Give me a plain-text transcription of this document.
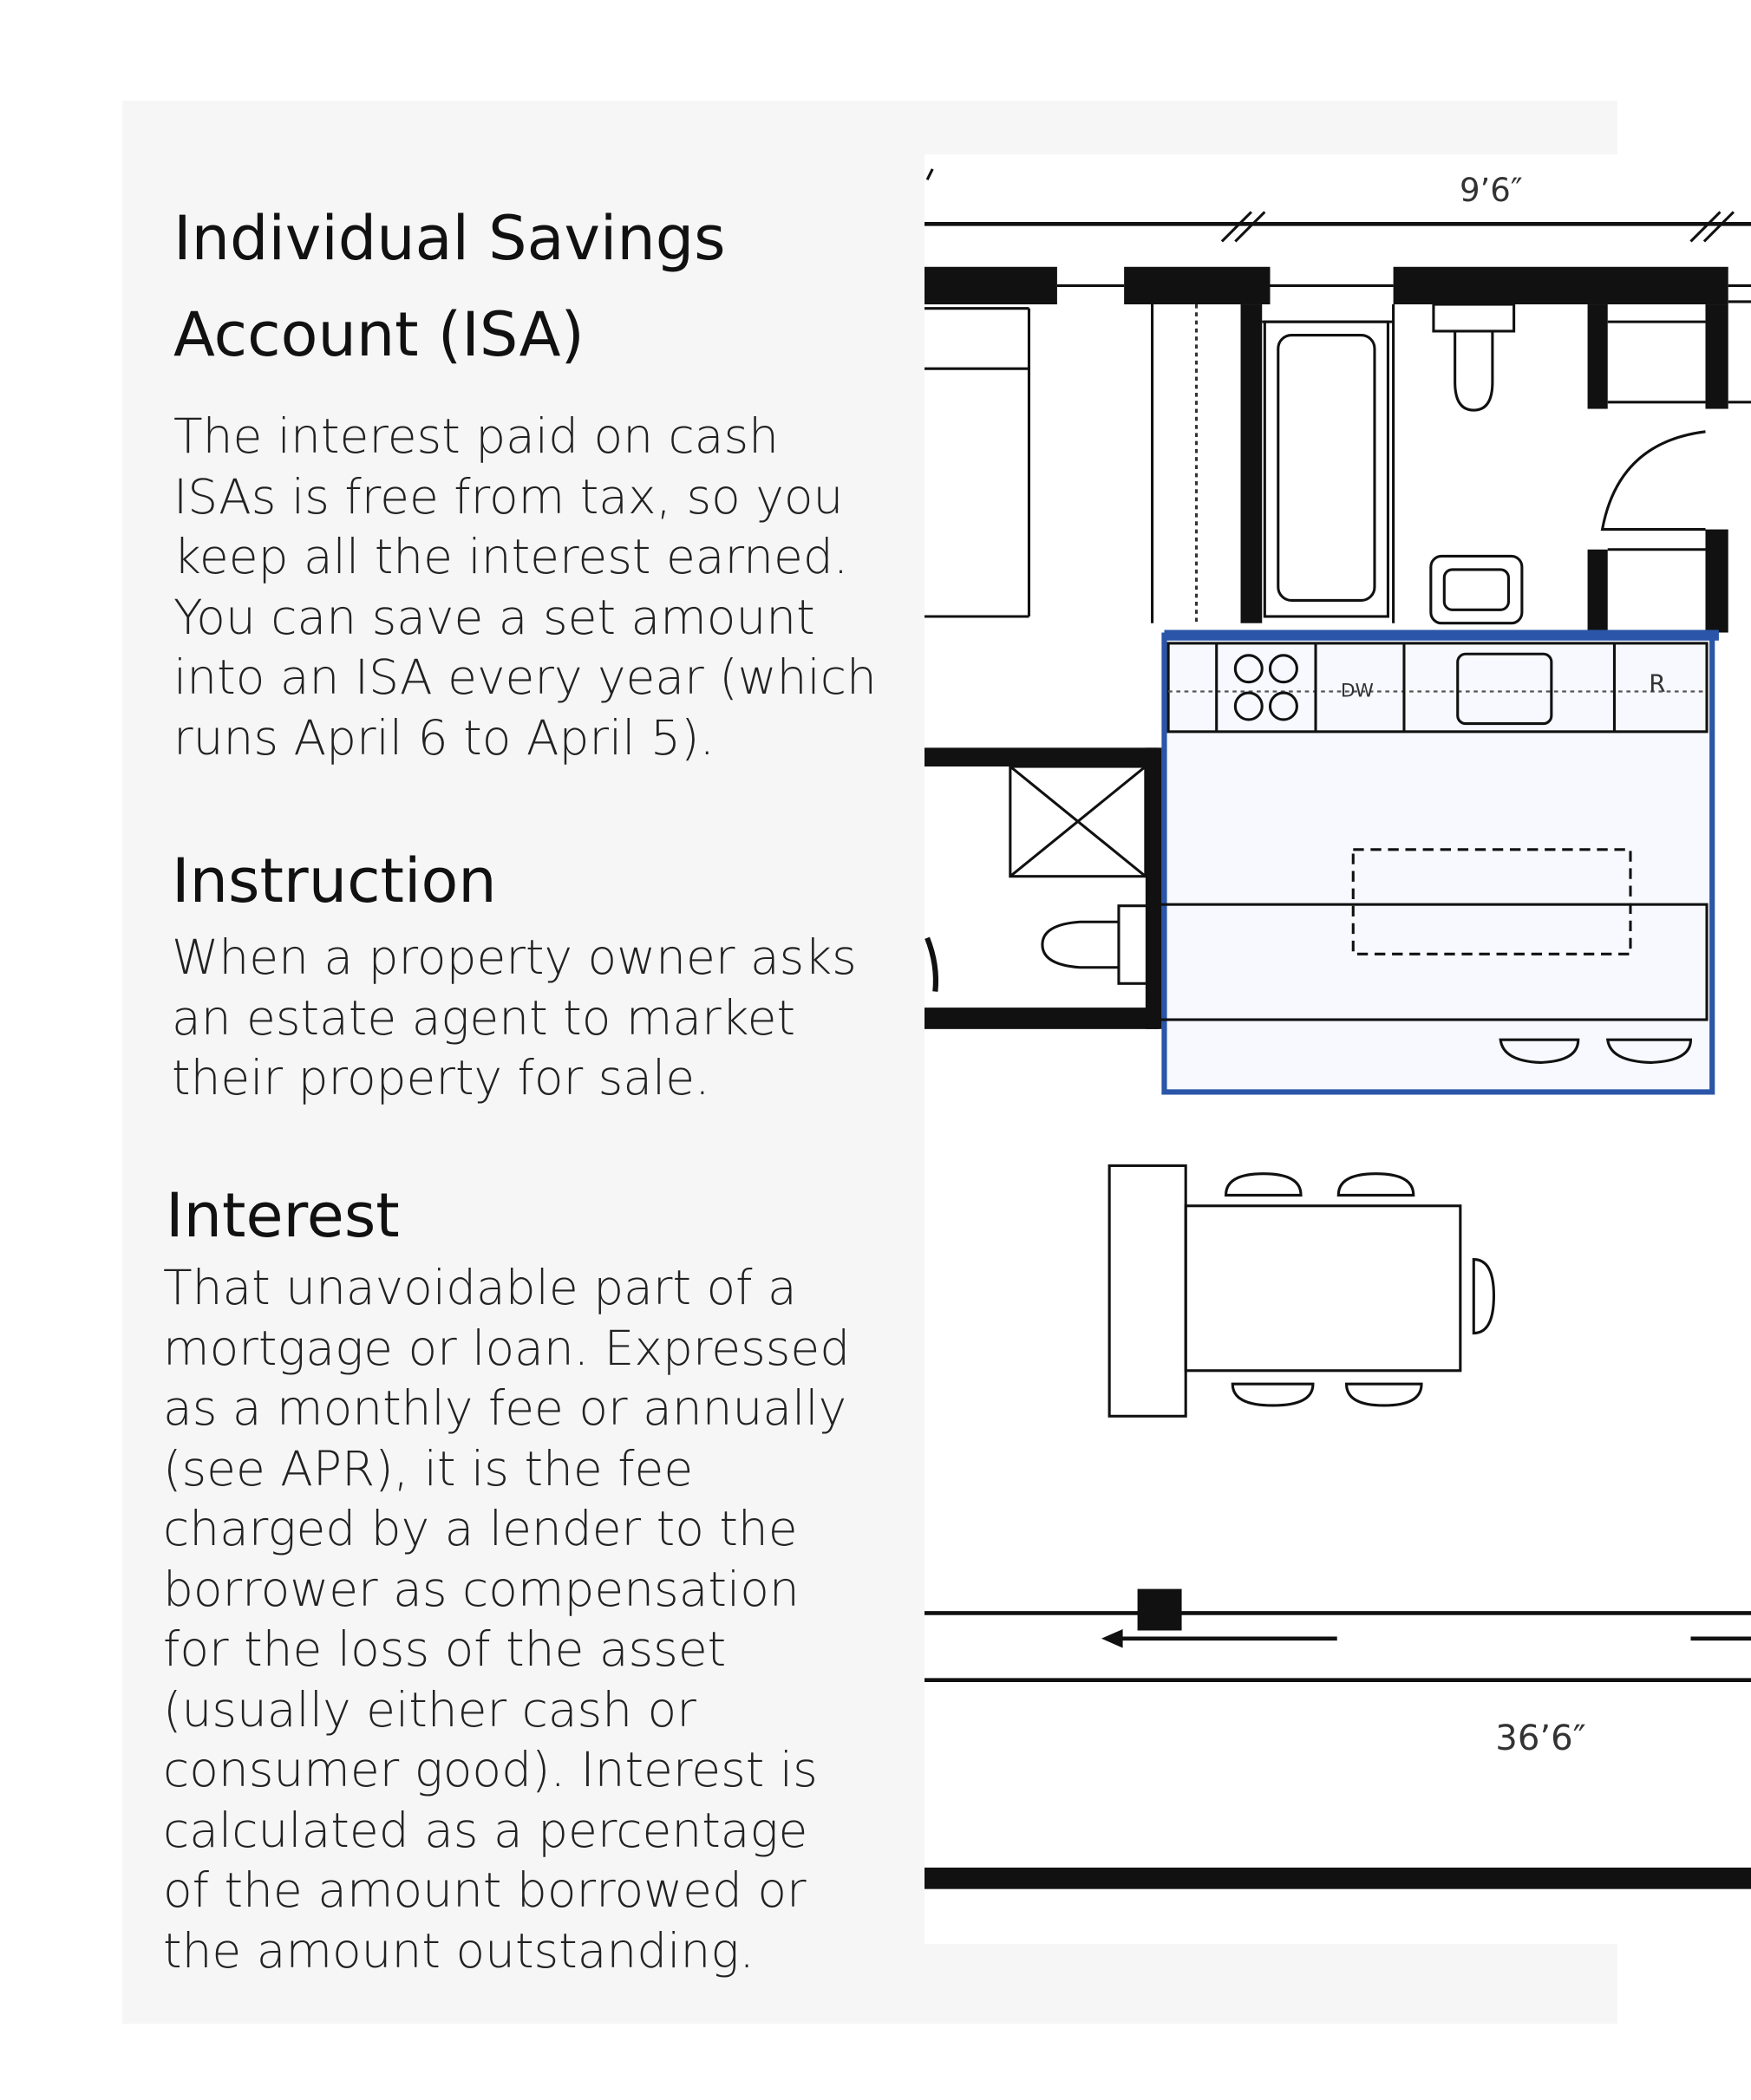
Individual Savings
Account (ISA)
The interest paid on cash
ISAs is free from tax, so you
keep all the interest earned.
You can save a set amount
into an ISA every year (which
runs April 6 to April 5).
Instruction
When a property owner asks
an estate agent to market
their property for sale.
Interest
That unavoidable part of a
mortgage or loan. Expressed
as a monthly fee or annually
(see APR), it is the fee
charged by a lender to the
borrower as compensation
for the loss of the asset
(usually either cash or
consumer good). Interest is
calculated as a percentage
of the amount borrowed or
the amount outstanding.
9’6″
DW	R
36’6″
